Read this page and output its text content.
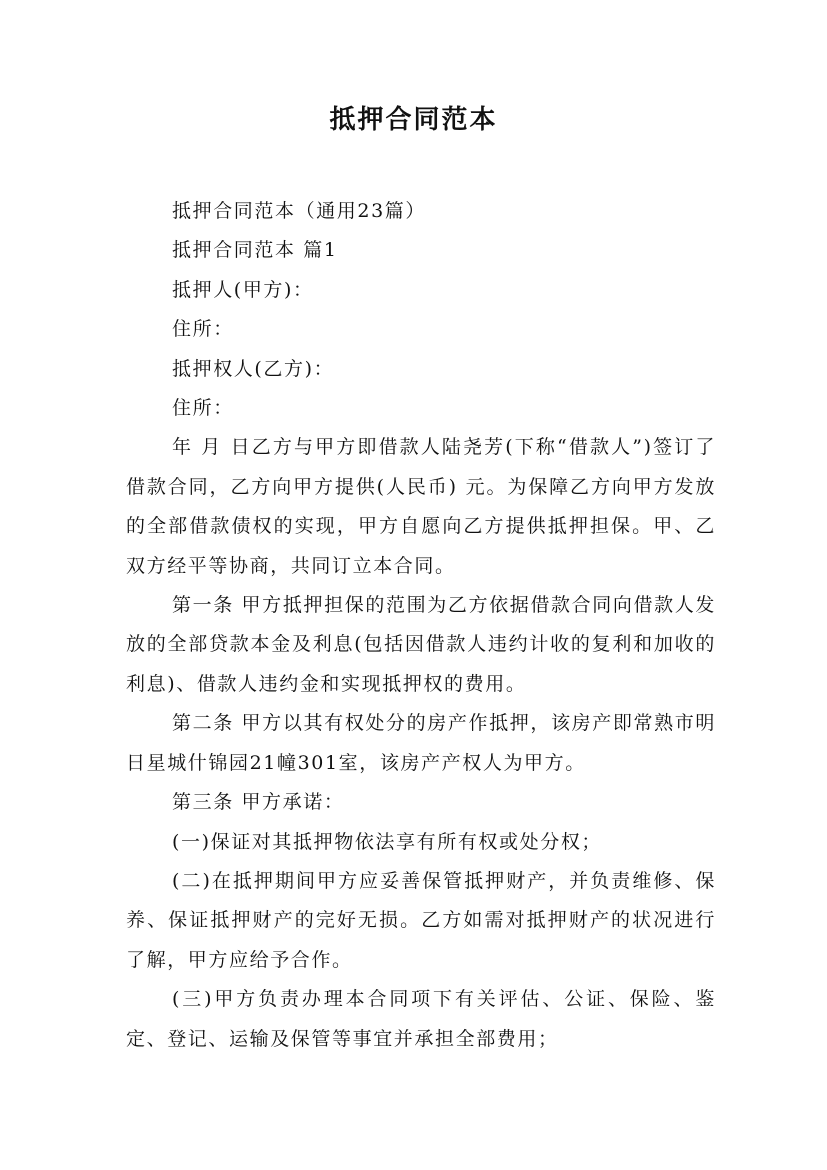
抵押合同范本

抵押合同范本（通用23篇）

抵押合同范本 篇1

抵押人(甲方)：

住所：

抵押权人(乙方)：

住所：

年 月 日乙方与甲方即借款人陆尧芳(下称“借款人”)签订了借款合同，乙方向甲方提供(人民币) 元。为保障乙方向甲方发放的全部借款债权的实现，甲方自愿向乙方提供抵押担保。甲、乙双方经平等协商，共同订立本合同。

第一条 甲方抵押担保的范围为乙方依据借款合同向借款人发放的全部贷款本金及利息(包括因借款人违约计收的复利和加收的利息)、借款人违约金和实现抵押权的费用。

第二条 甲方以其有权处分的房产作抵押，该房产即常熟市明日星城什锦园21幢301室，该房产产权人为甲方。

第三条 甲方承诺：

(一)保证对其抵押物依法享有所有权或处分权；

(二)在抵押期间甲方应妥善保管抵押财产，并负责维修、保养、保证抵押财产的完好无损。乙方如需对抵押财产的状况进行了解，甲方应给予合作。

(三)甲方负责办理本合同项下有关评估、公证、保险、鉴定、登记、运输及保管等事宜并承担全部费用；
